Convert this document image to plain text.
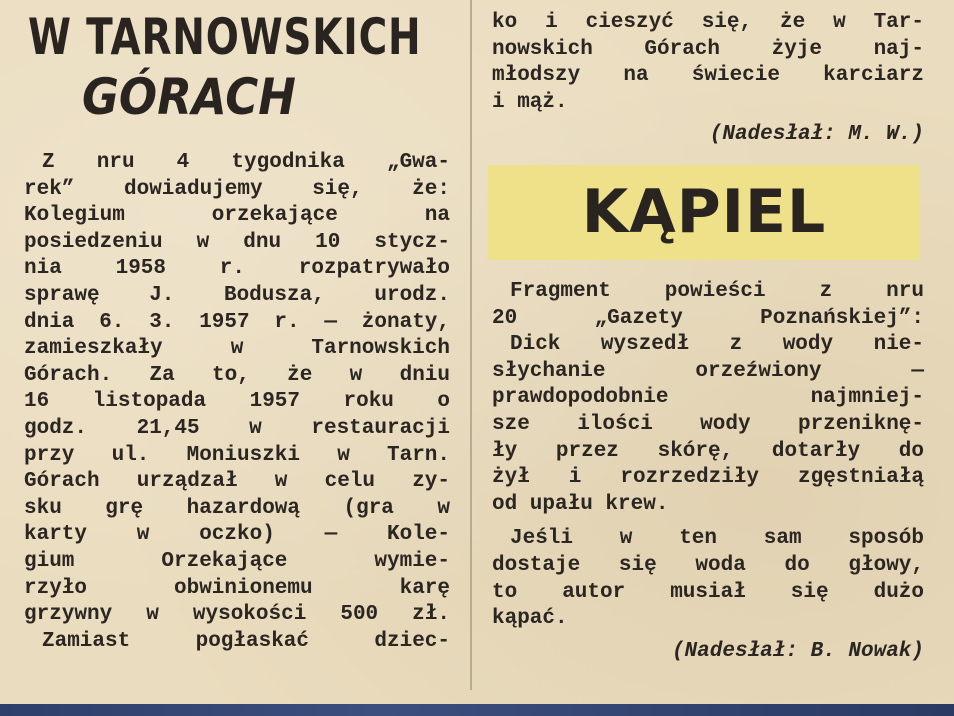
W TARNOWSKICH
GÓRACH
Z nru 4 tygodnika „Gwa-
rek” dowiadujemy się, że:
Kolegium orzekające na
posiedzeniu w dnu 10 stycz-
nia 1958 r. rozpatrywało
sprawę J. Bodusza, urodz.
dnia 6. 3. 1957 r. — żonaty,
zamieszkały w Tarnowskich
Górach. Za to, że w dniu
16 listopada 1957 roku o
godz. 21,45 w restauracji
przy ul. Moniuszki w Tarn.
Górach urządzał w celu zy-
sku grę hazardową (gra w
karty w oczko) — Kole-
gium Orzekające wymie-
rzyło obwinionemu karę
grzywny w wysokości 500 zł.
Zamiast pogłaskać dziec-
ko i cieszyć się, że w Tar-
nowskich Górach żyje naj-
młodszy na świecie karciarz
i mąż.
(Nadesłał: M. W.)
KĄPIEL
Fragment powieści z nru
20 „Gazety Poznańskiej”:
Dick wyszedł z wody nie-
słychanie orzeźwiony —
prawdopodobnie najmniej-
sze ilości wody przeniknę-
ły przez skórę, dotarły do
żył i rozrzedziły zgęstniałą
od upału krew.
Jeśli w ten sam sposób
dostaje się woda do głowy,
to autor musiał się dużo
kąpać.
(Nadesłał: B. Nowak)
